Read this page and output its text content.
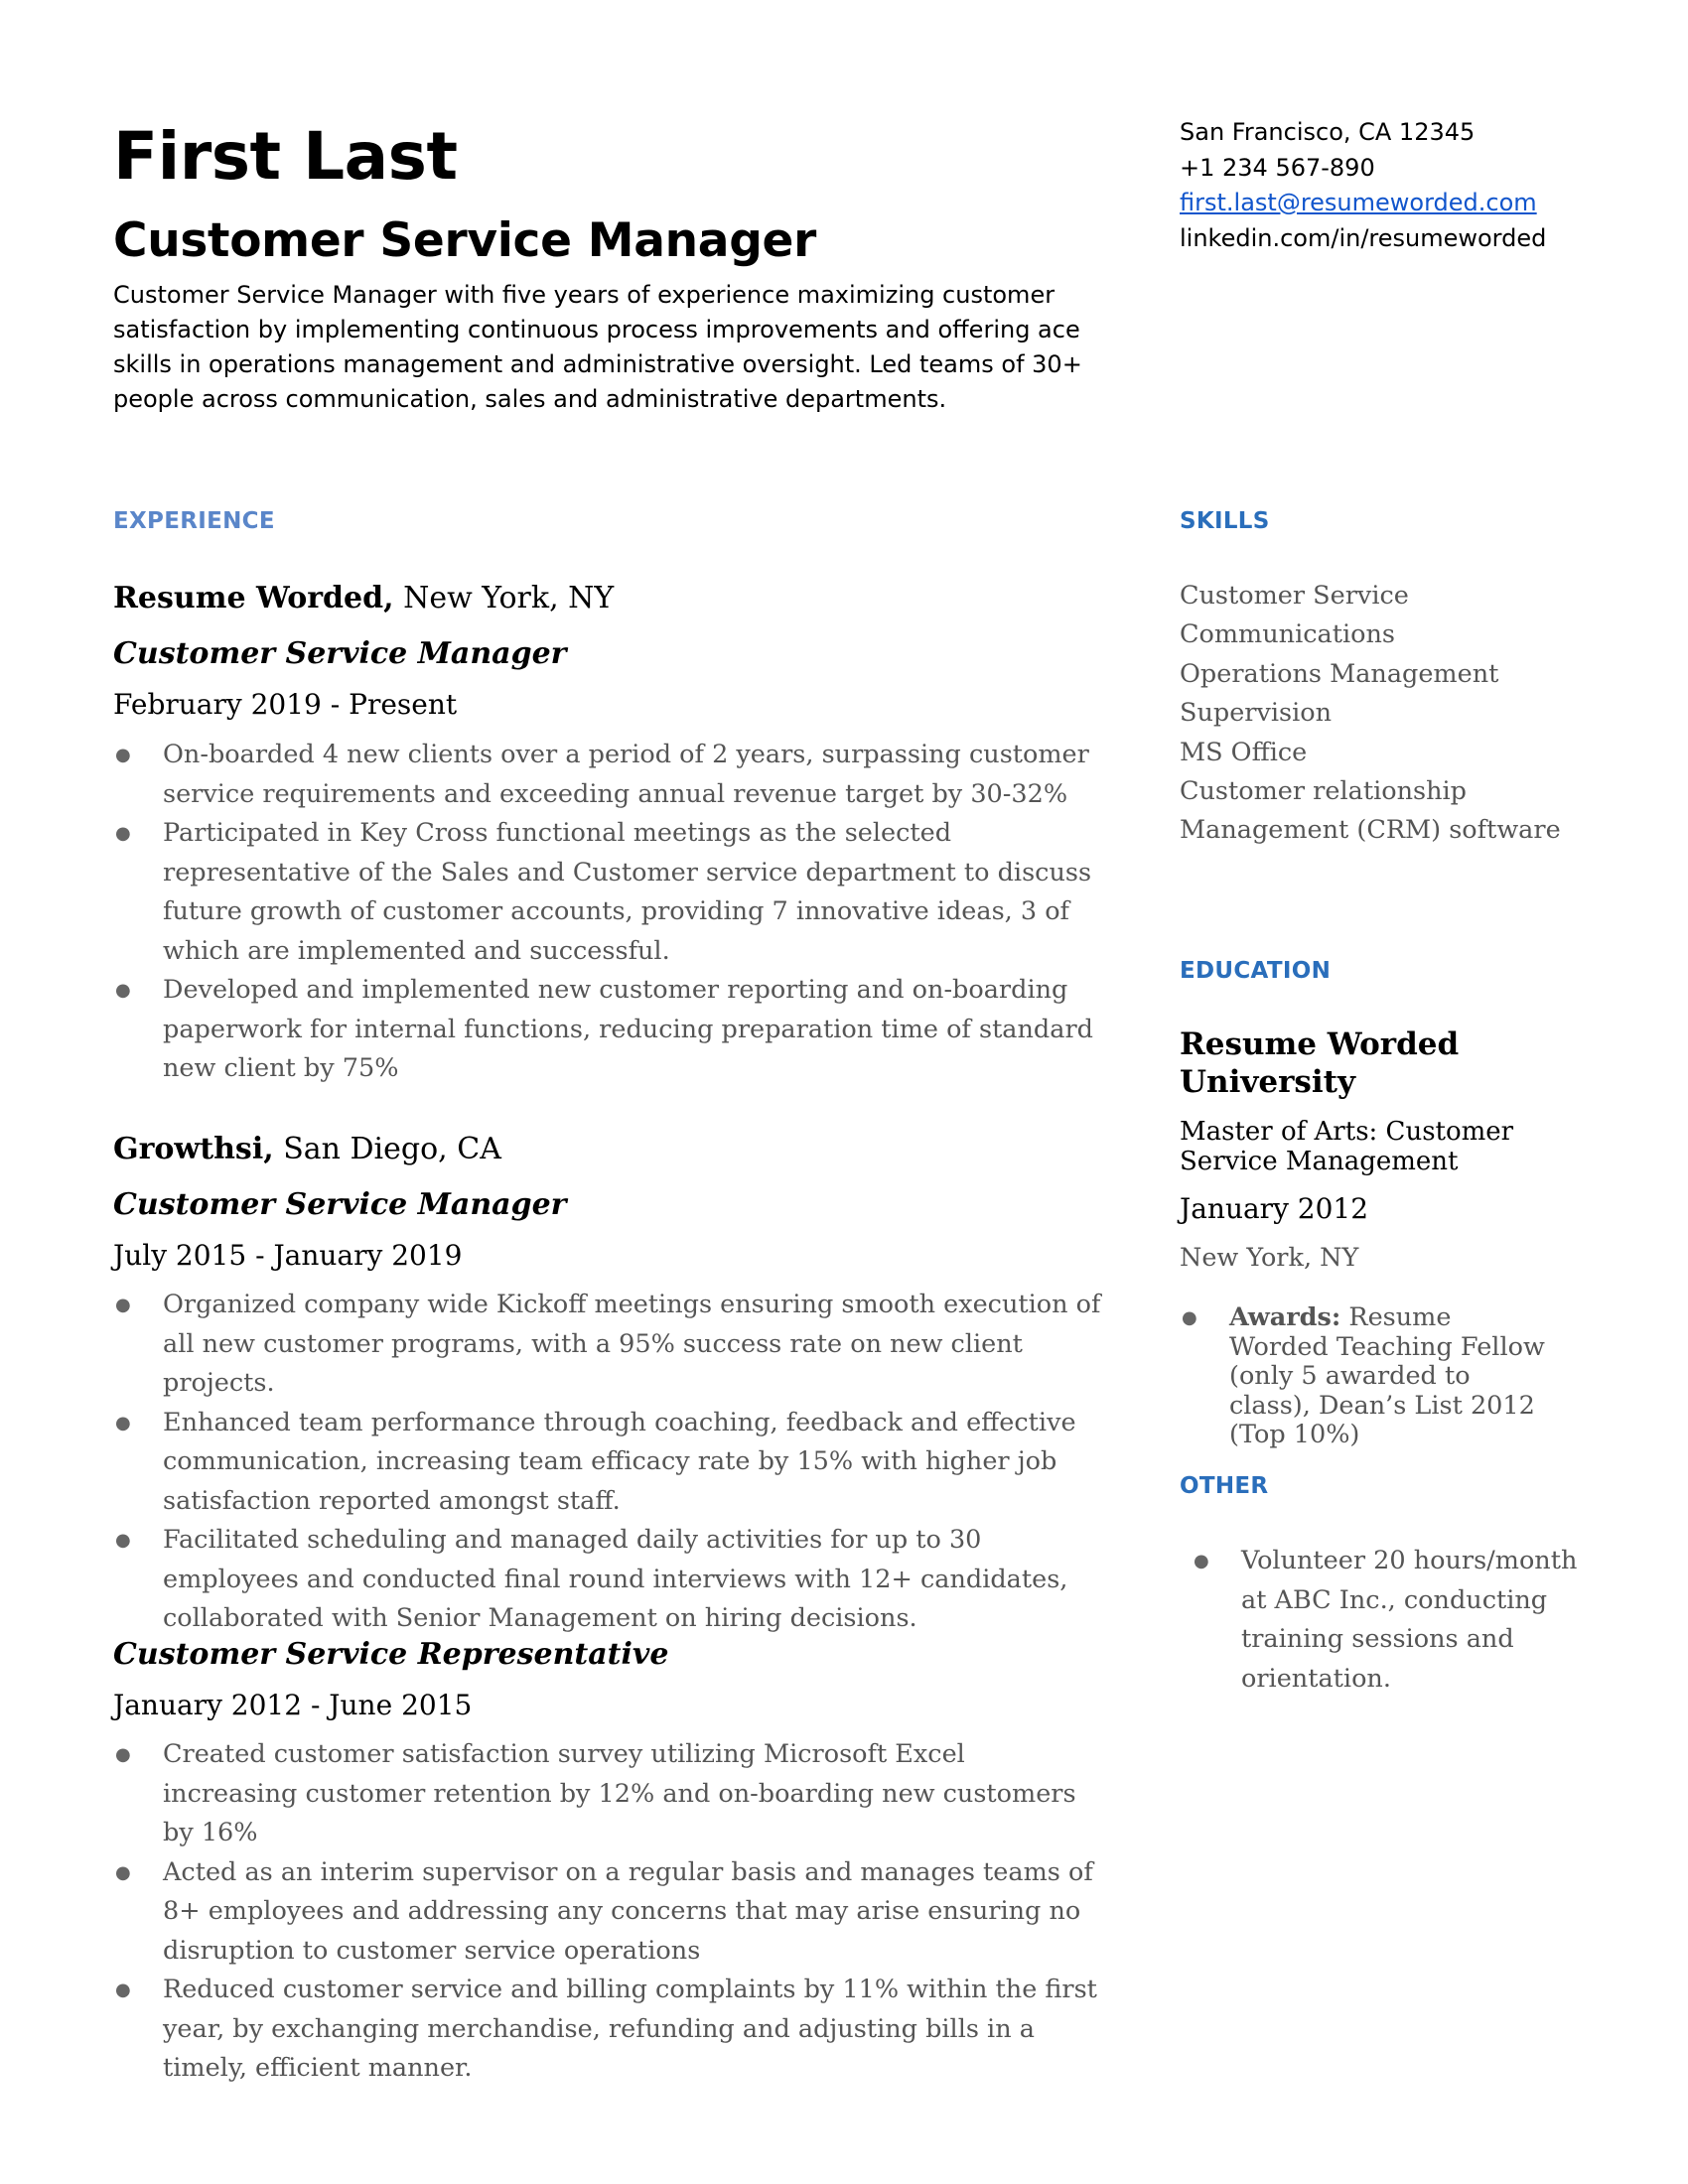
First Last
Customer Service Manager

Customer Service Manager with five years of experience maximizing customer satisfaction by implementing continuous process improvements and offering ace skills in operations management and administrative oversight. Led teams of 30+ people across communication, sales and administrative departments.

San Francisco, CA 12345
+1 234 567-890
first.last@resumeworded.com
linkedin.com/in/resumeworded
EXPERIENCE	SKILLS
EDUCATION
OTHER

Resume Worded, New York, NY

Customer Service Manager

February 2019 - Present

● On-boarded 4 new clients over a period of 2 years, surpassing customer service requirements and exceeding annual revenue target by 30-32%
● Participated in Key Cross functional meetings as the selected representative of the Sales and Customer service department to discuss future growth of customer accounts, providing 7 innovative ideas, 3 of which are implemented and successful.
● Developed and implemented new customer reporting and on-boarding paperwork for internal functions, reducing preparation time of standard new client by 75%

Growthsi, San Diego, CA

Customer Service Manager

July 2015 - January 2019

● Organized company wide Kickoff meetings ensuring smooth execution of all new customer programs, with a 95% success rate on new client projects.
● Enhanced team performance through coaching, feedback and effective communication, increasing team efficacy rate by 15% with higher job satisfaction reported amongst staff.
● Facilitated scheduling and managed daily activities for up to 30 employees and conducted final round interviews with 12+ candidates, collaborated with Senior Management on hiring decisions.

Customer Service Representative

January 2012 - June 2015

● Created customer satisfaction survey utilizing Microsoft Excel increasing customer retention by 12% and on-boarding new customers by 16%
● Acted as an interim supervisor on a regular basis and manages teams of 8+ employees and addressing any concerns that may arise ensuring no disruption to customer service operations
● Reduced customer service and billing complaints by 11% within the first year, by exchanging merchandise, refunding and adjusting bills in a timely, efficient manner.
Customer Service
Communications
Operations Management
Supervision
MS Office
Customer relationship
Management (CRM) software

Resume Worded University

Master of Arts: Customer Service Management

January 2012

New York, NY

● Awards: Resume Worded Teaching Fellow (only 5 awarded to class), Dean’s List 2012 (Top 10%)
● Volunteer 20 hours/month at ABC Inc., conducting training sessions and orientation.
